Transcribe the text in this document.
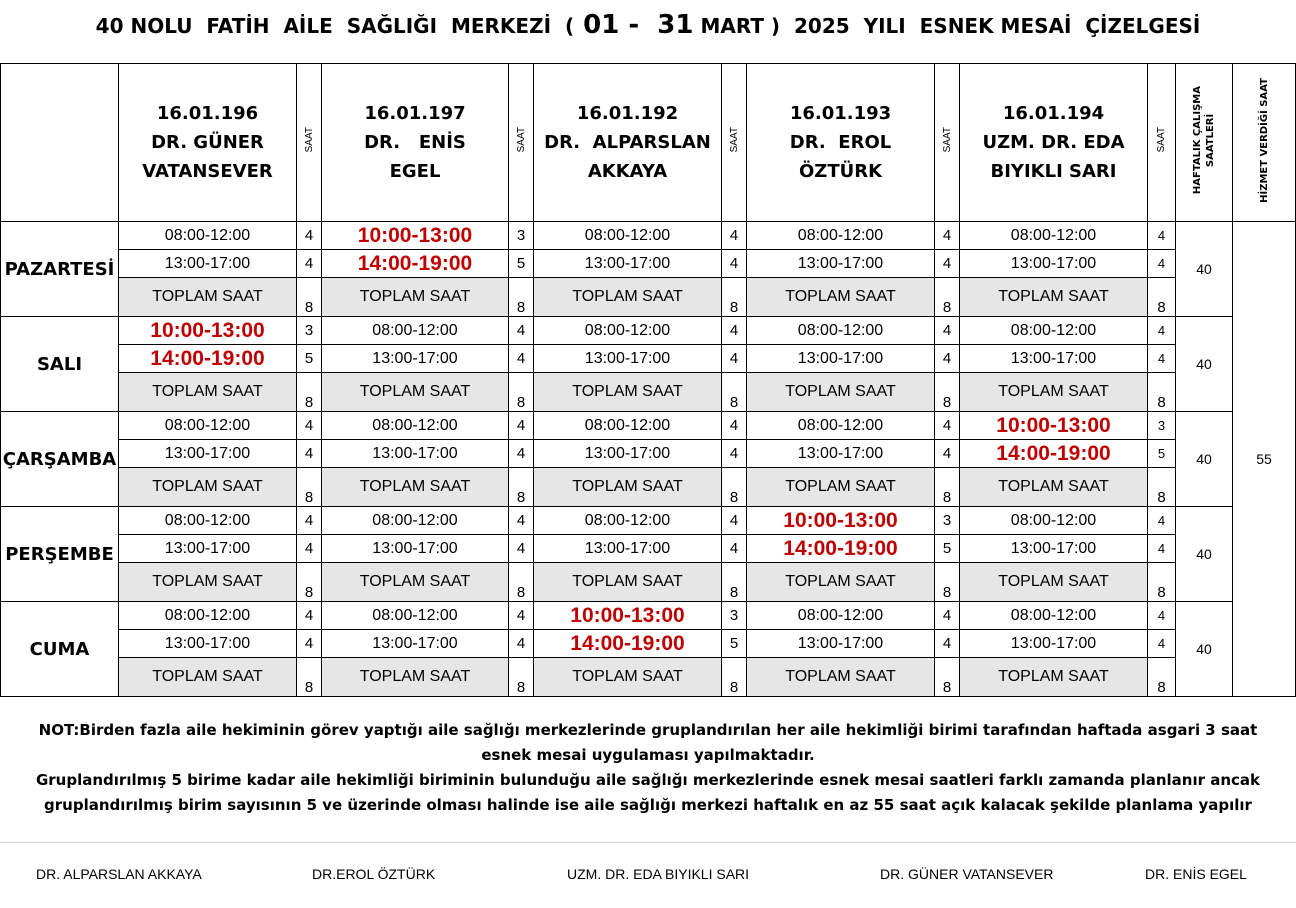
40 NOLU  FATİH  AİLE  SAĞLIĞI  MERKEZİ  ( 01 -  31 MART )  2025  YILI  ESNEK MESAİ  ÇİZELGESİ

	16.01.196
DR. GÜNER
VATANSEVER	SAAT	16.01.197
DR.   ENİS
EGEL	SAAT	16.01.192
DR.  ALPARSLAN
AKKAYA	SAAT	16.01.193
DR.  EROL
ÖZTÜRK	SAAT	16.01.194
UZM. DR. EDA
BIYIKLI SARI	SAAT	HAFTALIK ÇALIŞMA SAATLERİ	HİZMET VERDİĞİ SAAT
PAZARTESİ	08:00-12:00	4	10:00-13:00	3	08:00-12:00	4	08:00-12:00	4	08:00-12:00	4	40	55
	13:00-17:00	4	14:00-19:00	5	13:00-17:00	4	13:00-17:00	4	13:00-17:00	4		
	TOPLAM SAAT	8	TOPLAM SAAT	8	TOPLAM SAAT	8	TOPLAM SAAT	8	TOPLAM SAAT	8		
SALI	10:00-13:00	3	08:00-12:00	4	08:00-12:00	4	08:00-12:00	4	08:00-12:00	4	40	
	14:00-19:00	5	13:00-17:00	4	13:00-17:00	4	13:00-17:00	4	13:00-17:00	4		
	TOPLAM SAAT	8	TOPLAM SAAT	8	TOPLAM SAAT	8	TOPLAM SAAT	8	TOPLAM SAAT	8		
ÇARŞAMBA	08:00-12:00	4	08:00-12:00	4	08:00-12:00	4	08:00-12:00	4	10:00-13:00	3	40	
	13:00-17:00	4	13:00-17:00	4	13:00-17:00	4	13:00-17:00	4	14:00-19:00	5		
	TOPLAM SAAT	8	TOPLAM SAAT	8	TOPLAM SAAT	8	TOPLAM SAAT	8	TOPLAM SAAT	8		
PERŞEMBE	08:00-12:00	4	08:00-12:00	4	08:00-12:00	4	10:00-13:00	3	08:00-12:00	4	40	
	13:00-17:00	4	13:00-17:00	4	13:00-17:00	4	14:00-19:00	5	13:00-17:00	4		
	TOPLAM SAAT	8	TOPLAM SAAT	8	TOPLAM SAAT	8	TOPLAM SAAT	8	TOPLAM SAAT	8		
CUMA	08:00-12:00	4	08:00-12:00	4	10:00-13:00	3	08:00-12:00	4	08:00-12:00	4	40	
	13:00-17:00	4	13:00-17:00	4	14:00-19:00	5	13:00-17:00	4	13:00-17:00	4		
	TOPLAM SAAT	8	TOPLAM SAAT	8	TOPLAM SAAT	8	TOPLAM SAAT	8	TOPLAM SAAT	8		
NOT:Birden fazla aile hekiminin görev yaptığı aile sağlığı merkezlerinde gruplandırılan her aile hekimliği birimi tarafından haftada asgari 3 saat esnek mesai uygulaması yapılmaktadır.
Gruplandırılmış 5 birime kadar aile hekimliği biriminin bulunduğu aile sağlığı merkezlerinde esnek mesai saatleri farklı zamanda planlanır ancak gruplandırılmış birim sayısının 5 ve üzerinde olması halinde ise aile sağlığı merkezi haftalık en az 55 saat açık kalacak şekilde planlama yapılır
DR. ALPARSLAN AKKAYA	DR.EROL ÖZTÜRK	UZM. DR. EDA BIYIKLI SARI	DR. GÜNER VATANSEVER	DR. ENİS EGEL
